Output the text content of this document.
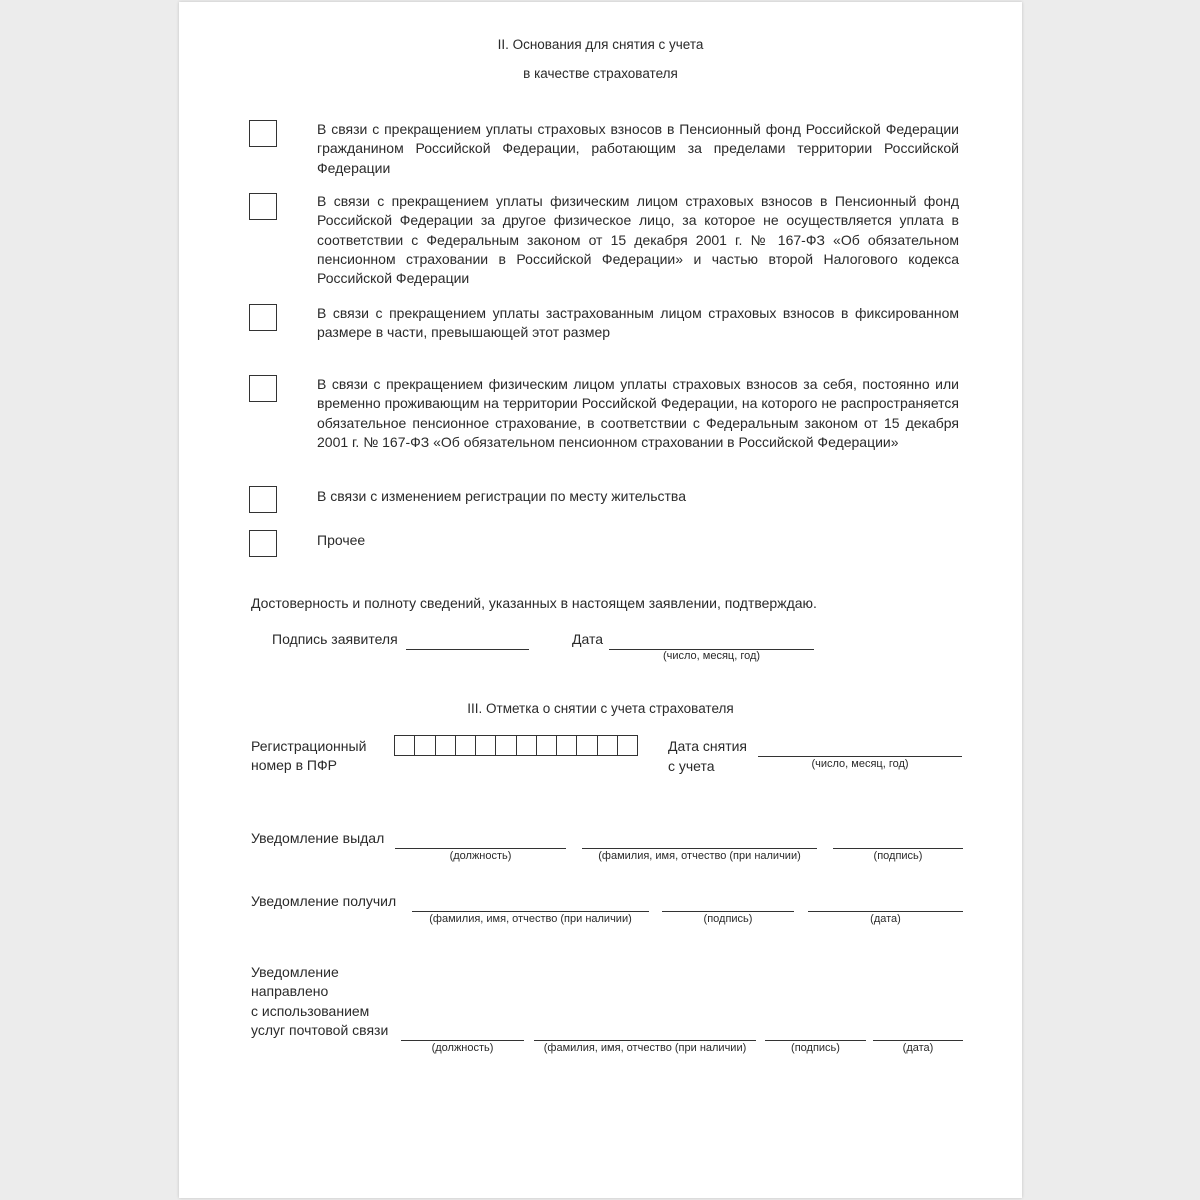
II. Основания для снятия с учета
в качестве страхователя
В связи с прекращением уплаты страховых взносов в Пенсионный фонд Российской Федерации гражданином Российской Федерации, работающим за пределами территории Российской Федерации
В связи с прекращением уплаты физическим лицом страховых взносов в Пенсионный фонд Российской Федерации за другое физическое лицо, за которое не осуществляется уплата в соответствии с Федеральным законом от 15 декабря 2001 г. № 167-ФЗ «Об обязательном пенсионном страховании в Российской Федерации» и частью второй Налогового кодекса Российской Федерации
В связи с прекращением уплаты застрахованным лицом страховых взносов в фиксированном размере в части, превышающей этот размер
В связи с прекращением физическим лицом уплаты страховых взносов за себя, постоянно или временно проживающим на территории Российской Федерации, на которого не распространяется обязательное пенсионное страхование, в соответствии с Федеральным законом от 15 декабря 2001 г. № 167-ФЗ «Об обязательном пенсионном страховании в Российской Федерации»
В связи с изменением регистрации по месту жительства
Прочее
Достоверность и полноту сведений, указанных в настоящем заявлении, подтверждаю.
Подпись заявителя	Дата
(число, месяц, год)
III. Отметка о снятии с учета страхователя
Регистрационный
номер в ПФР
Дата снятия
с учета	(число, месяц, год)
Уведомление выдал
(должность)	(фамилия, имя, отчество (при наличии)	(подпись)
Уведомление получил
(фамилия, имя, отчество (при наличии)	(подпись)	(дата)
Уведомление
направлено
с использованием
услуг почтовой связи
(должность)	(фамилия, имя, отчество (при наличии)	(подпись)	(дата)
